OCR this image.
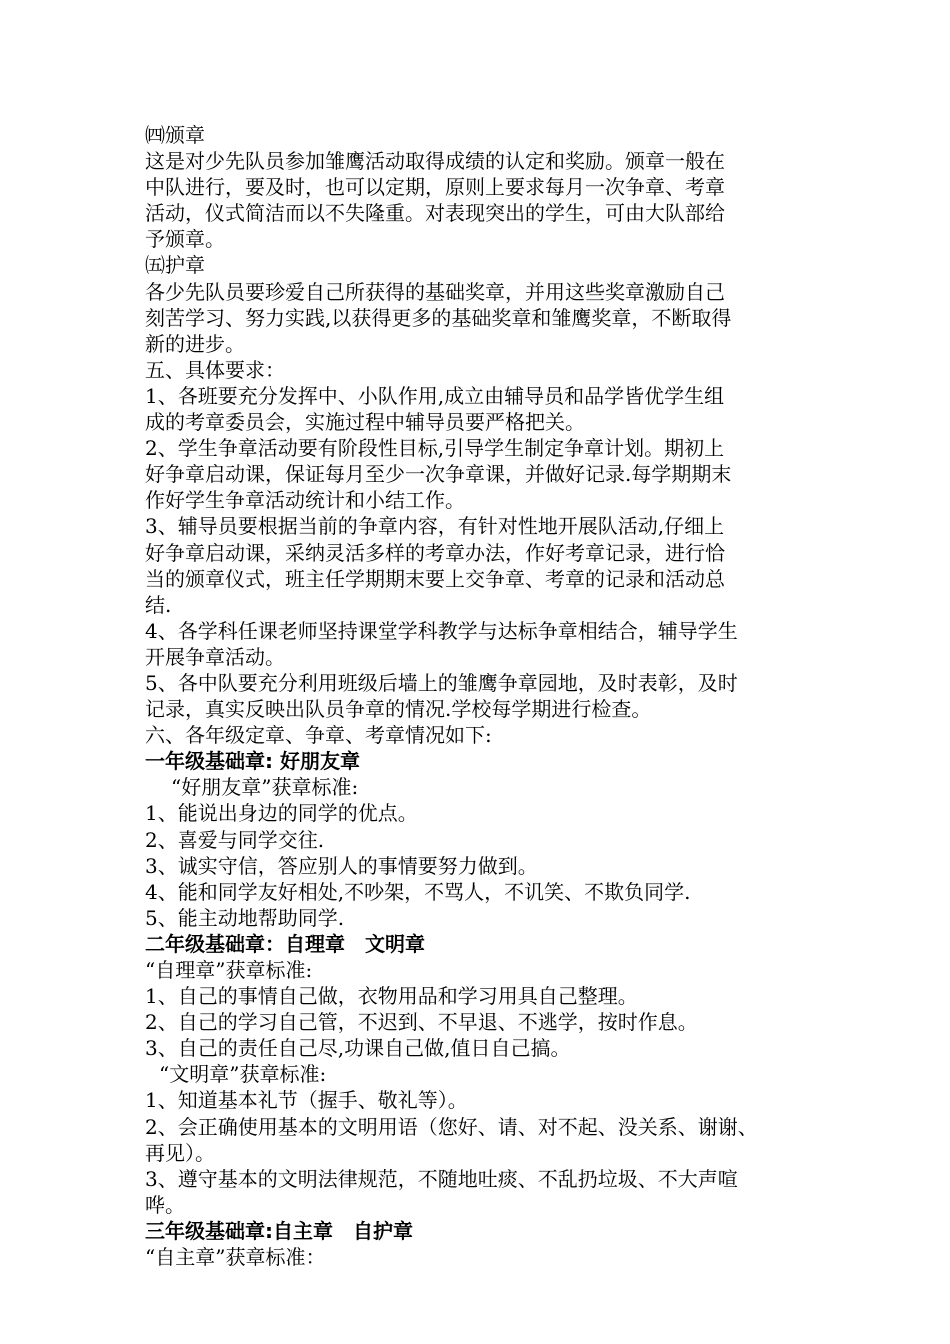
㈣颁章
这是对少先队员参加雏鹰活动取得成绩的认定和奖励。颁章一般在
中队进行，要及时，也可以定期，原则上要求每月一次争章、考章
活动，仪式简洁而以不失隆重。对表现突出的学生，可由大队部给
予颁章。
㈤护章
各少先队员要珍爱自己所获得的基础奖章，并用这些奖章激励自己
刻苦学习、努力实践,以获得更多的基础奖章和雏鹰奖章，不断取得
新的进步。
五、具体要求：
1、各班要充分发挥中、小队作用,成立由辅导员和品学皆优学生组
成的考章委员会，实施过程中辅导员要严格把关。
2、学生争章活动要有阶段性目标,引导学生制定争章计划。期初上
好争章启动课，保证每月至少一次争章课，并做好记录.每学期期末
作好学生争章活动统计和小结工作。
3、辅导员要根据当前的争章内容，有针对性地开展队活动,仔细上
好争章启动课，采纳灵活多样的考章办法，作好考章记录，进行恰
当的颁章仪式，班主任学期期末要上交争章、考章的记录和活动总
结.
4、各学科任课老师坚持课堂学科教学与达标争章相结合，辅导学生
开展争章活动。
5、各中队要充分利用班级后墙上的雏鹰争章园地，及时表彰，及时
记录，真实反映出队员争章的情况.学校每学期进行检查。
六、各年级定章、争章、考章情况如下:
一年级基础章: 好朋友章
“好朋友章”获章标准:
1、能说出身边的同学的优点。
2、喜爱与同学交往.
3、诚实守信，答应别人的事情要努力做到。
4、能和同学友好相处,不吵架，不骂人，不讥笑、不欺负同学.
5、能主动地帮助同学.
二年级基础章：自理章　文明章
“自理章”获章标准:
1、自己的事情自己做，衣物用品和学习用具自己整理。
2、自己的学习自己管，不迟到、不早退、不逃学，按时作息。
3、自己的责任自己尽,功课自己做,值日自己搞。
“文明章”获章标准:
1、知道基本礼节（握手、敬礼等）。
2、会正确使用基本的文明用语（您好、请、对不起、没关系、谢谢、
再见）。
3、遵守基本的文明法律规范，不随地吐痰、不乱扔垃圾、不大声喧
哗。
三年级基础章:自主章　自护章
“自主章”获章标准：
